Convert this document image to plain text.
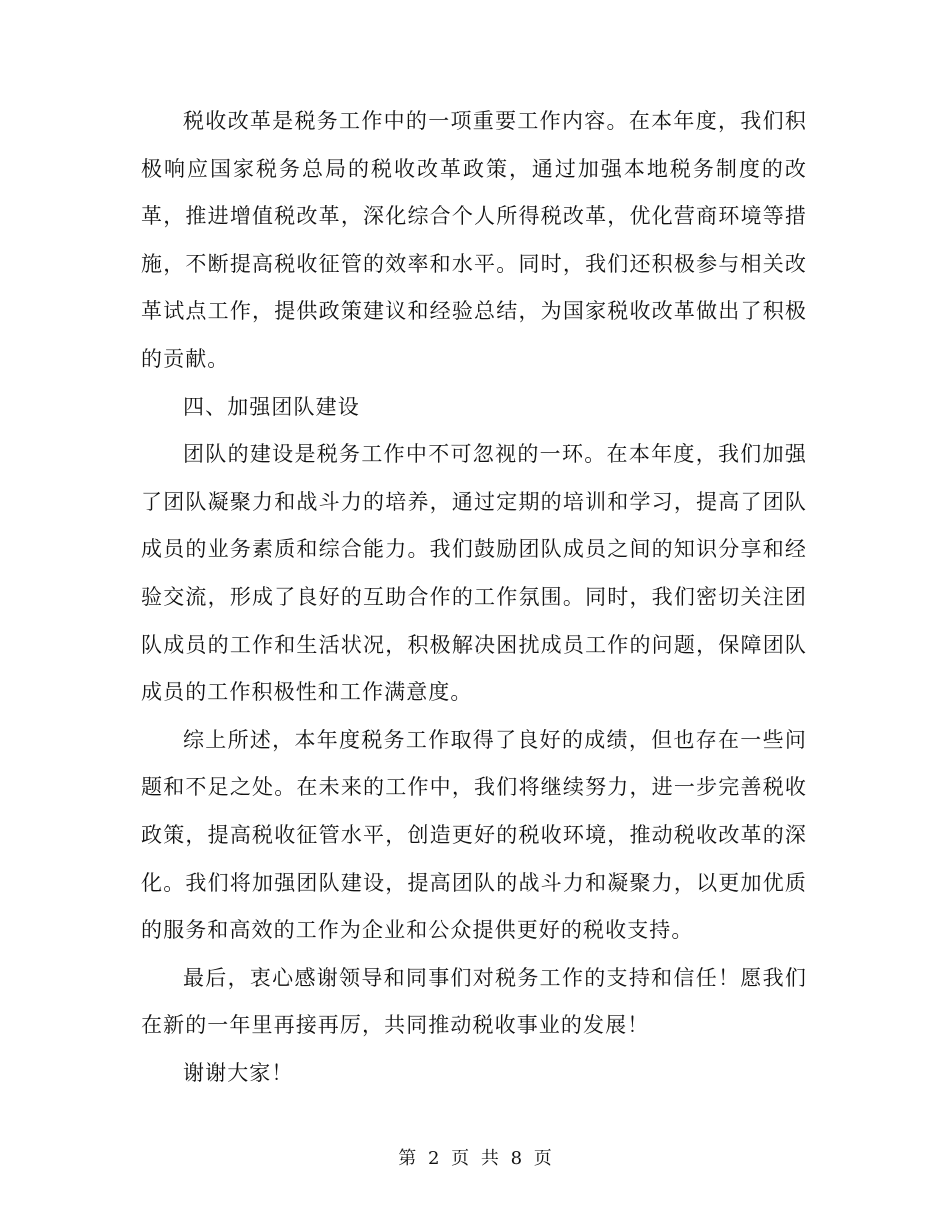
税收改革是税务工作中的一项重要工作内容。在本年度，我们积极响应国家税务总局的税收改革政策，通过加强本地税务制度的改革，推进增值税改革，深化综合个人所得税改革，优化营商环境等措施，不断提高税收征管的效率和水平。同时，我们还积极参与相关改革试点工作，提供政策建议和经验总结，为国家税收改革做出了积极的贡献。

四、加强团队建设

团队的建设是税务工作中不可忽视的一环。在本年度，我们加强了团队凝聚力和战斗力的培养，通过定期的培训和学习，提高了团队成员的业务素质和综合能力。我们鼓励团队成员之间的知识分享和经验交流，形成了良好的互助合作的工作氛围。同时，我们密切关注团队成员的工作和生活状况，积极解决困扰成员工作的问题，保障团队成员的工作积极性和工作满意度。

综上所述，本年度税务工作取得了良好的成绩，但也存在一些问题和不足之处。在未来的工作中，我们将继续努力，进一步完善税收政策，提高税收征管水平，创造更好的税收环境，推动税收改革的深化。我们将加强团队建设，提高团队的战斗力和凝聚力，以更加优质的服务和高效的工作为企业和公众提供更好的税收支持。

最后，衷心感谢领导和同事们对税务工作的支持和信任！愿我们在新的一年里再接再厉，共同推动税收事业的发展！

谢谢大家！

第 2 页 共 8 页
